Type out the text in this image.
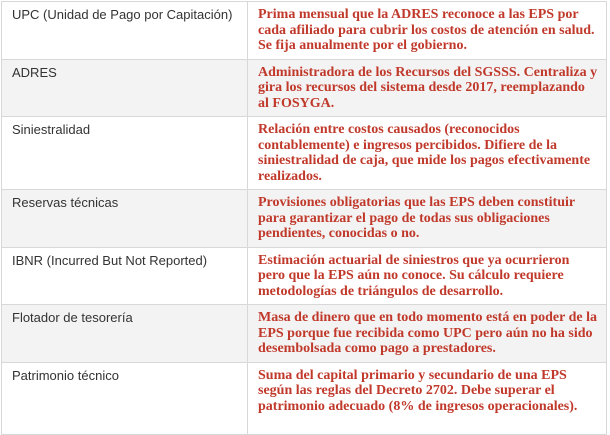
UPC (Unidad de Pago por Capitación)	Prima mensual que la ADRES reconoce a las EPS por cada afiliado para cubrir los costos de atención en salud. Se fija anualmente por el gobierno.
ADRES	Administradora de los Recursos del SGSSS. Centraliza y gira los recursos del sistema desde 2017, reemplazando al FOSYGA.
Siniestralidad	Relación entre costos causados (reconocidos contablemente) e ingresos percibidos. Difiere de la siniestralidad de caja, que mide los pagos efectivamente realizados.
Reservas técnicas	Provisiones obligatorias que las EPS deben constituir para garantizar el pago de todas sus obligaciones pendientes, conocidas o no.
IBNR (Incurred But Not Reported)	Estimación actuarial de siniestros que ya ocurrieron pero que la EPS aún no conoce. Su cálculo requiere metodologías de triángulos de desarrollo.
Flotador de tesorería	Masa de dinero que en todo momento está en poder de la EPS porque fue recibida como UPC pero aún no ha sido desembolsada como pago a prestadores.
Patrimonio técnico	Suma del capital primario y secundario de una EPS según las reglas del Decreto 2702. Debe superar el patrimonio adecuado (8% de ingresos operacionales).
